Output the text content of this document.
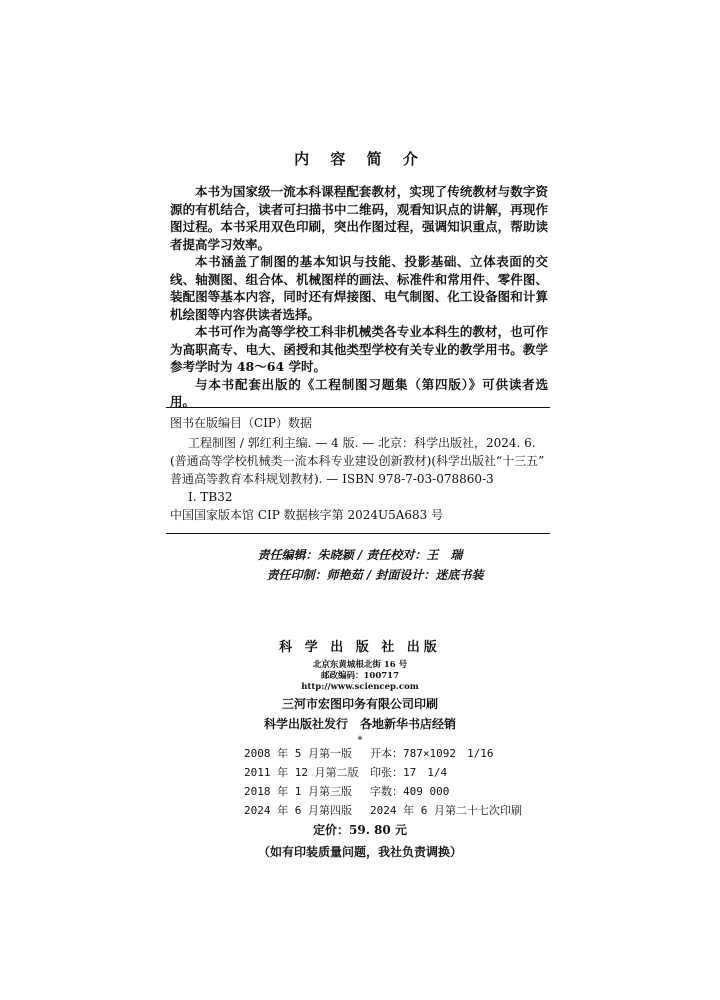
内 容 简 介

本书为国家级一流本科课程配套教材，实现了传统教材与数字资源的有机结合，读者可扫描书中二维码，观看知识点的讲解，再现作图过程。本书采用双色印刷，突出作图过程，强调知识重点，帮助读者提高学习效率。

本书涵盖了制图的基本知识与技能、投影基础、立体表面的交线、轴测图、组合体、机械图样的画法、标准件和常用件、零件图、装配图等基本内容，同时还有焊接图、电气制图、化工设备图和计算机绘图等内容供读者选择。

本书可作为高等学校工科非机械类各专业本科生的教材，也可作为高职高专、电大、函授和其他类型学校有关专业的教学用书。教学参考学时为 48～64 学时。

与本书配套出版的《工程制图习题集（第四版）》可供读者选用。

图书在版编目（CIP）数据
工程制图 / 郭红利主编. — 4 版. — 北京：科学出版社，2024. 6.
(普通高等学校机械类一流本科专业建设创新教材)(科学出版社“十三五”
普通高等教育本科规划教材). — ISBN 978-7-03-078860-3
Ⅰ. TB32
中国国家版本馆 CIP 数据核字第 2024U5A683 号
责任编辑：朱晓颖 / 责任校对：王　瑞
责任印制：师艳茹 / 封面设计：迷底书装
科 学 出 版 社 出版
北京东黄城根北街 16 号
邮政编码：100717
http://www.sciencep.com
三河市宏图印务有限公司印刷
科学出版社发行　各地新华书店经销
*
2008 年 5 月第一版	开本：787×1092　1/16
2011 年 12 月第二版	印张：17　1/4
2018 年 1 月第三版	字数：409 000
2024 年 6 月第四版	2024 年 6 月第二十七次印刷
定价：59. 80 元
（如有印装质量问题，我社负责调换）
